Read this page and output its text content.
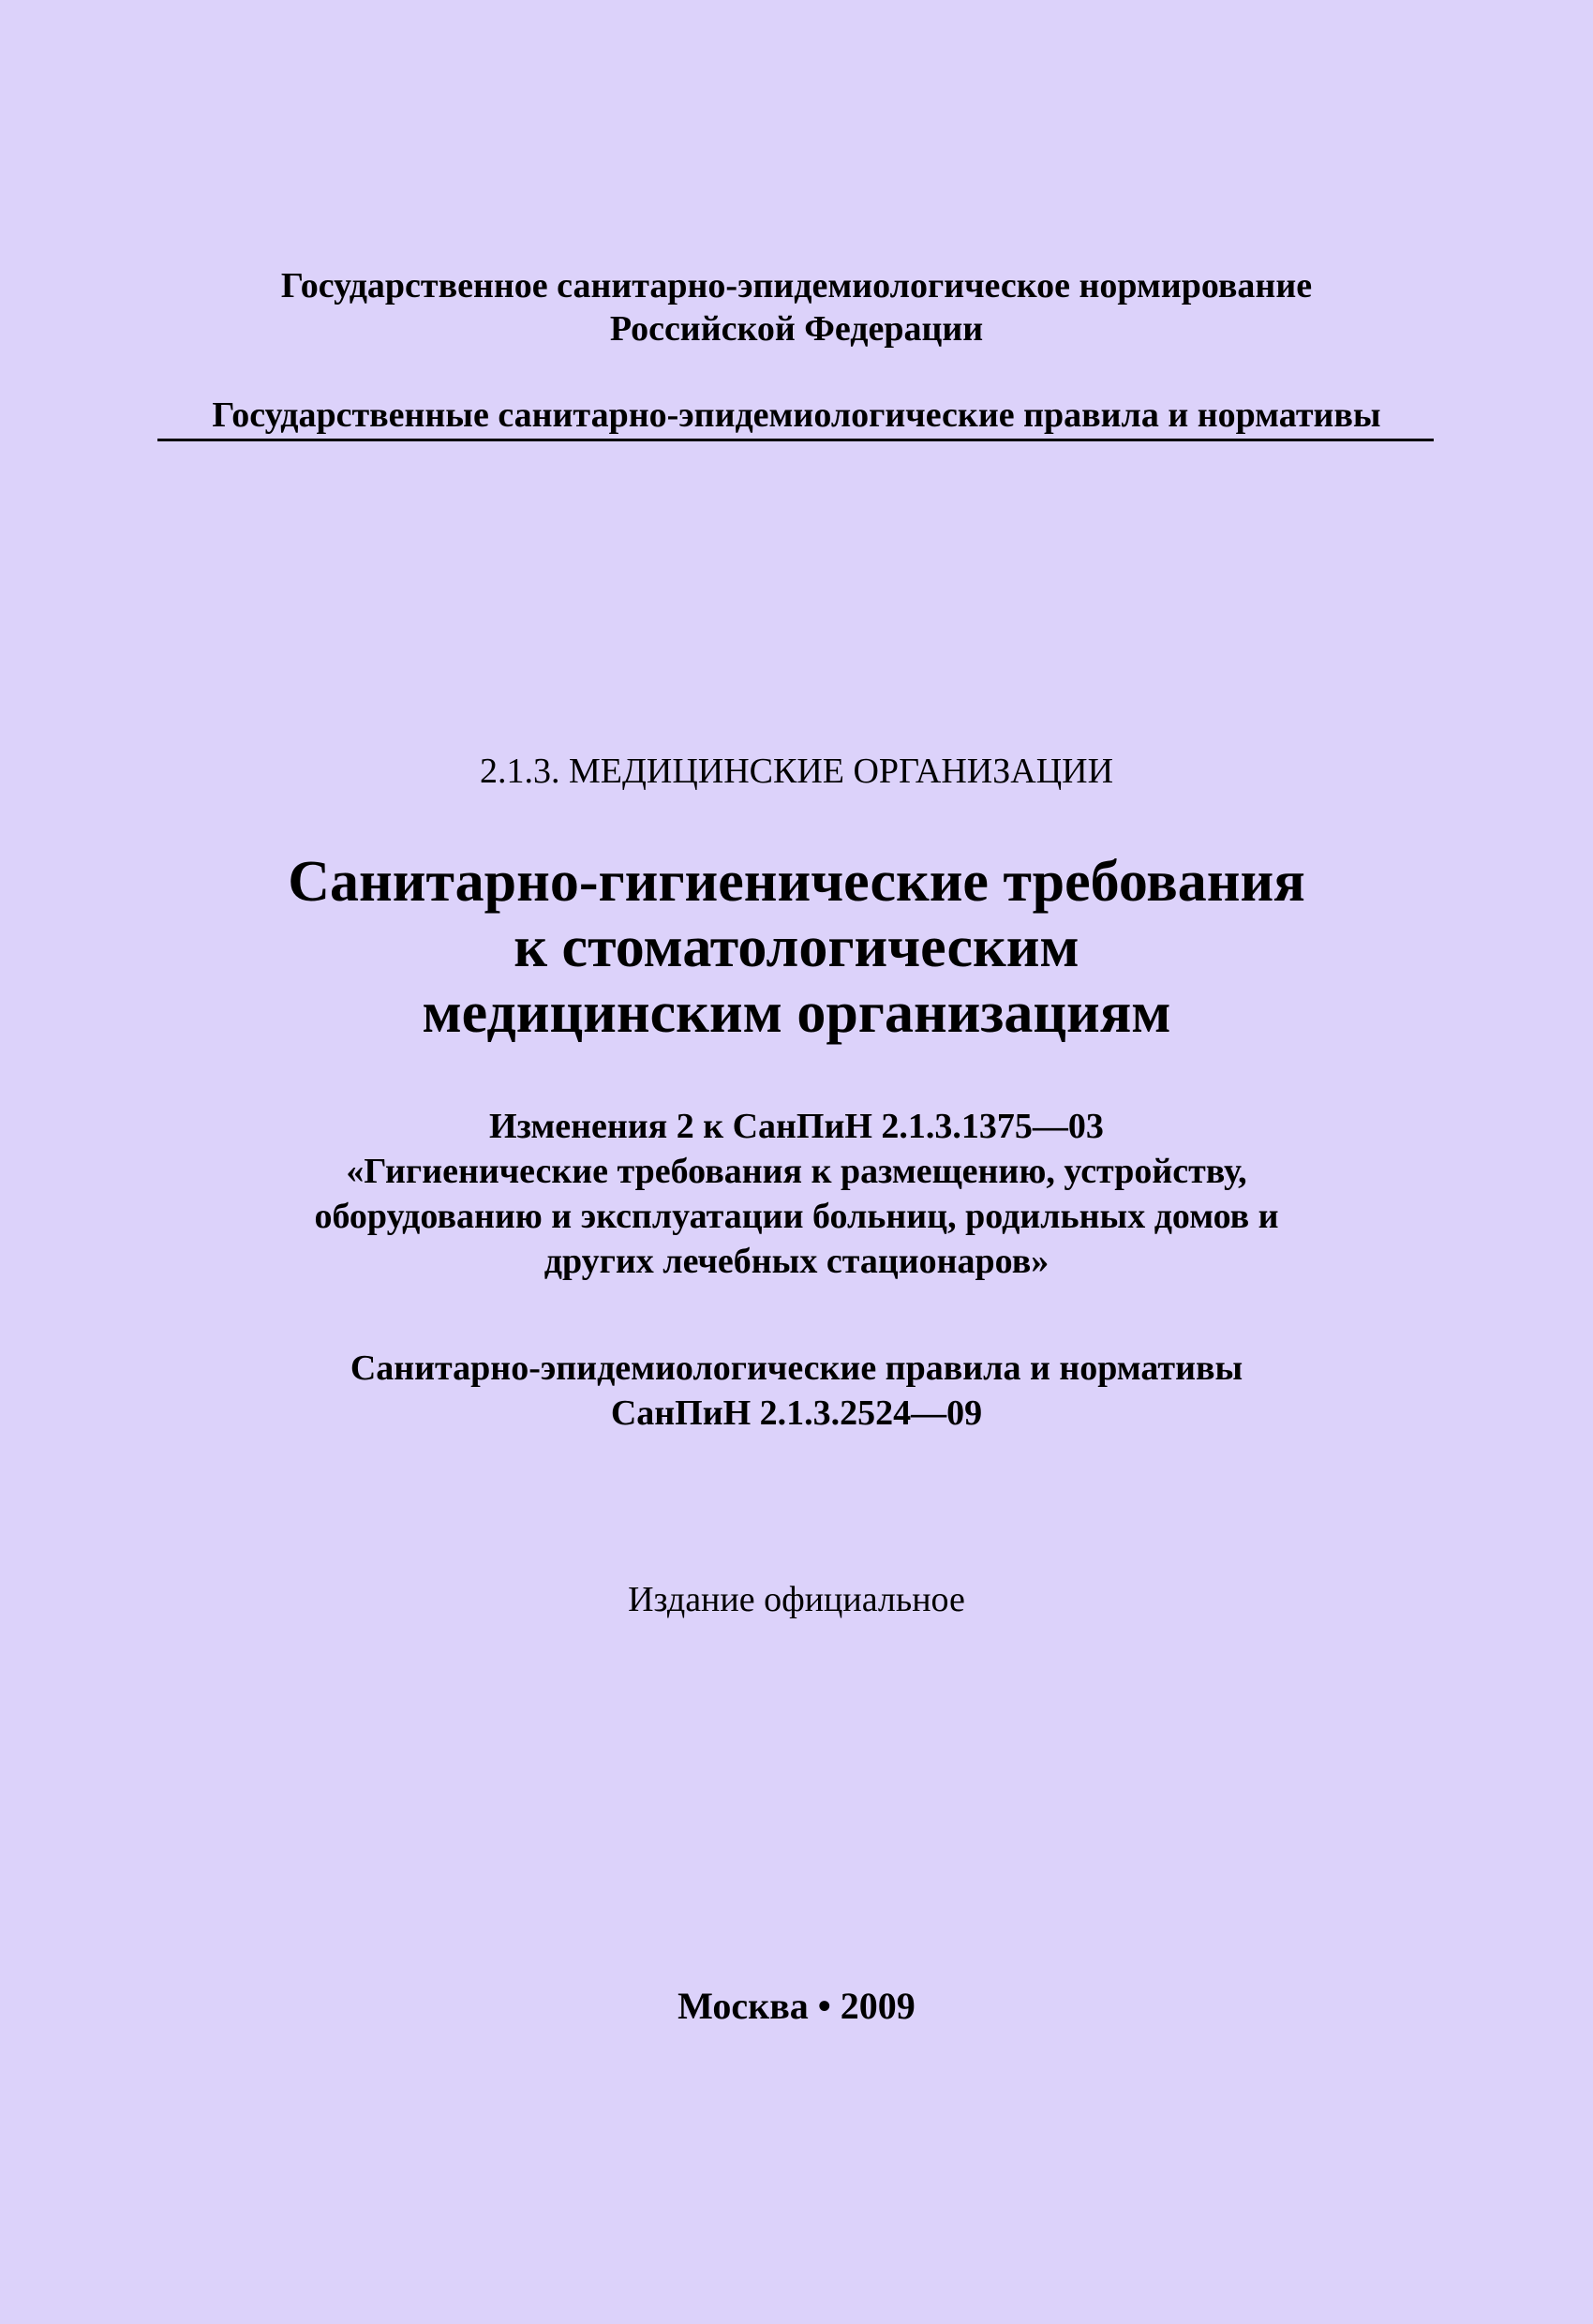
Государственное санитарно-эпидемиологическое нормирование
Российской Федерации
Государственные санитарно-эпидемиологические правила и нормативы
2.1.3. МЕДИЦИНСКИЕ ОРГАНИЗАЦИИ
Санитарно-гигиенические требования
к стоматологическим
медицинским организациям
Изменения 2 к СанПиН 2.1.3.1375—03
«Гигиенические требования к размещению, устройству,
оборудованию и эксплуатации больниц, родильных домов и
других лечебных стационаров»
Санитарно-эпидемиологические правила и нормативы
СанПиН 2.1.3.2524—09
Издание официальное
Москва • 2009
